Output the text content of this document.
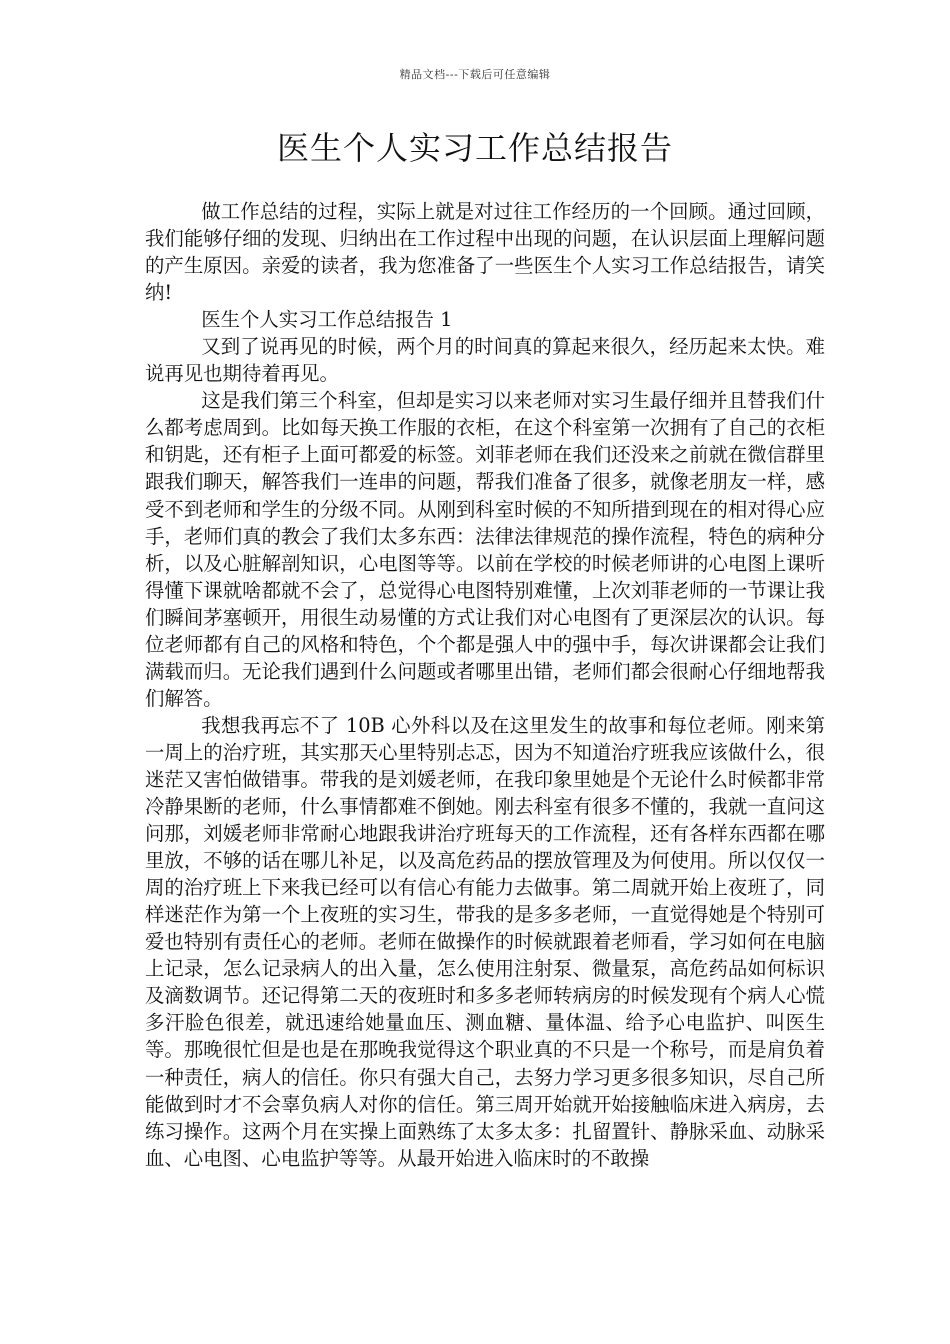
精品文档---下载后可任意编辑
医生个人实习工作总结报告

做工作总结的过程，实际上就是对过往工作经历的一个回顾。通过回顾，我们能够仔细的发现、归纳出在工作过程中出现的问题，在认识层面上理解问题的产生原因。亲爱的读者，我为您准备了一些医生个人实习工作总结报告，请笑纳!

医生个人实习工作总结报告 1

又到了说再见的时候，两个月的时间真的算起来很久，经历起来太快。难说再见也期待着再见。

这是我们第三个科室，但却是实习以来老师对实习生最仔细并且替我们什么都考虑周到。比如每天换工作服的衣柜，在这个科室第一次拥有了自己的衣柜和钥匙，还有柜子上面可都爱的标签。刘菲老师在我们还没来之前就在微信群里跟我们聊天，解答我们一连串的问题，帮我们准备了很多，就像老朋友一样，感受不到老师和学生的分级不同。从刚到科室时候的不知所措到现在的相对得心应手，老师们真的教会了我们太多东西：法律法律规范的操作流程，特色的病种分析，以及心脏解剖知识，心电图等等。以前在学校的时候老师讲的心电图上课听得懂下课就啥都就不会了，总觉得心电图特别难懂，上次刘菲老师的一节课让我们瞬间茅塞顿开，用很生动易懂的方式让我们对心电图有了更深层次的认识。每位老师都有自己的风格和特色，个个都是强人中的强中手，每次讲课都会让我们满载而归。无论我们遇到什么问题或者哪里出错，老师们都会很耐心仔细地帮我们解答。

我想我再忘不了 10B 心外科以及在这里发生的故事和每位老师。刚来第一周上的治疗班，其实那天心里特别忐忑，因为不知道治疗班我应该做什么，很迷茫又害怕做错事。带我的是刘媛老师，在我印象里她是个无论什么时候都非常冷静果断的老师，什么事情都难不倒她。刚去科室有很多不懂的，我就一直问这问那，刘媛老师非常耐心地跟我讲治疗班每天的工作流程，还有各样东西都在哪里放，不够的话在哪儿补足，以及高危药品的摆放管理及为何使用。所以仅仅一周的治疗班上下来我已经可以有信心有能力去做事。第二周就开始上夜班了，同样迷茫作为第一个上夜班的实习生，带我的是多多老师，一直觉得她是个特别可爱也特别有责任心的老师。老师在做操作的时候就跟着老师看，学习如何在电脑上记录，怎么记录病人的出入量，怎么使用注射泵、微量泵，高危药品如何标识及滴数调节。还记得第二天的夜班时和多多老师转病房的时候发现有个病人心慌多汗脸色很差，就迅速给她量血压、测血糖、量体温、给予心电监护、叫医生等。那晚很忙但是也是在那晚我觉得这个职业真的不只是一个称号，而是肩负着一种责任，病人的信任。你只有强大自己，去努力学习更多很多知识，尽自己所能做到时才不会辜负病人对你的信任。第三周开始就开始接触临床进入病房，去练习操作。这两个月在实操上面熟练了太多太多：扎留置针、静脉采血、动脉采血、心电图、心电监护等等。从最开始进入临床时的不敢操
